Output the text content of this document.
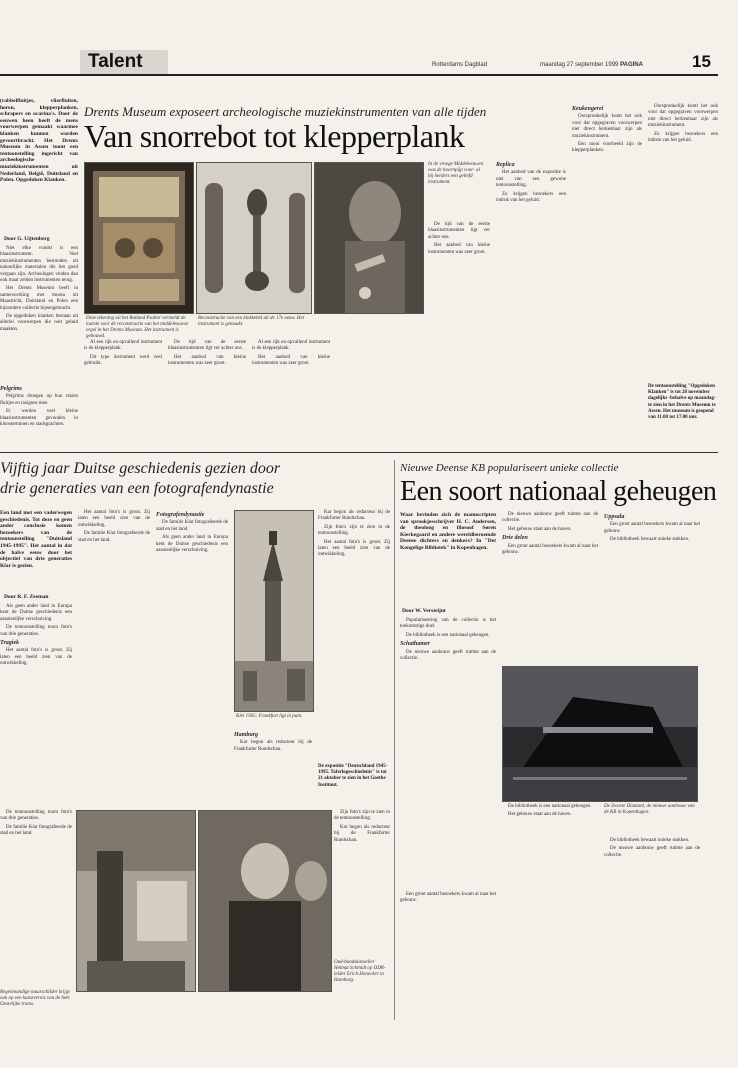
Talent	Rotterdams Dagblad	maandag 27 september 1999 PAGINA	15
(rabbelfluitjes, vlierfluiten, horen, klepperplanken, schrapers en ocarina's. Door de eeuwen heen heeft de mens voorwerpen gemaakt waarmee klanken kunnen worden gevoortbracht. Het Drents Museum in Assen toont een tentoonstelling ingericht van archeologische muziekinstrumenten uit Nederland, België, Duitsland en Polen. Opgedoken Klanken.
Door G. Uijtenberg

Niet elke vondst is een blaasinstrument. Veel muziekinstrumenten bestonden uit natuurlijke materialen die het goed vergaan zijn. Archeologen vinden dan ook maar zelden instrumenten terug.

Het Drents Museum heeft in samenwerking met musea uit Maastricht, Duitsland en Polen een bijzondere collectie bijeengebracht.

De opgedoken klanken bestaan uit allerlei voorwerpen die ooit geluid maakten.

Pelgrims

Pelgrims droegen op hun reizen fluitjes en insignes mee.

Er werden veel kleine blaasinstrumenten gevonden in kloostertuinen en stadsgrachten.

Drents Museum exposeert archeologische muziekinstrumenten van alle tijden
Van snorrebot tot klepperplank
In de vroege Middeleeuwen was de hoornpijp voor- al bij herders een geliefd instrument.
Deze tekening uit het Rutland Psalter vermeldt de laatste voor de reconstructie van het middeleeuwse orgel in het Drents Museum. Het instrument is gebouwd.
Reconstructie van een klokkebel uit de 17e eeuw. Het instrument is gemaakt.

Al een rijk en opvallend instrument is de klepperplank.

Dit type instrument werd veel gebruikt.

De tijd van de eerste blaasinstrumenten ligt ver achter ons.

Het aanbod van kleine instrumenten was zeer groot.

Al een rijk en opvallend instrument is de klepperplank.

Het aanbod van kleine instrumenten was zeer groot.

De tijd van de eerste blaasinstrumenten ligt ver achter ons.

Het aanbod van kleine instrumenten was zeer groot.

Replica

Het aanbod van de expositie is niet van een gewone tentoonstelling.

Zo krijgen bezoekers een indruk van het geluid.

Keukengerei

Oorspronkelijk komt het ook voor dat opgegraven voorwerpen niet direct herkenbaar zijn als muziekinstrument.

Een mooi voorbeeld zijn de klepperplanken.

De tentoonstelling "Opgedoken Klanken" is tot 28 november dagelijks -behalve op maandag- te zien in het Drents Museum te Assen. Het museum is geopend van 11.00 tot 17.00 uur.

Oorspronkelijk komt het ook voor dat opgegraven voorwerpen niet direct herkenbaar zijn als muziekinstrument.

Zo krijgen bezoekers een indruk van het geluid.

Vijftig jaar Duitse geschiedenis gezien door
drie generaties van een fotografendynastie
Een land met een vaderwegen geschiedenis. Tot deze en geen ander conclusie komen bezoekers van de tentoonstelling "Duitsland 1945-1995". Het aantal in dat de halve eeuw door het objectief van drie generaties Klar is gezien.
Door R. F. Zeeman

Als geen ander land in Europa kent de Duitse geschiedenis een aanzienlijke verschuiving.

De tentoonstelling toont foto's van drie generaties.

Tragiek

Het aantal foto's is groot. Zij laten een beeld zien van de ontwikkeling.

Het aantal foto's is groot. Zij laten een beeld zien van de ontwikkeling.

De familie Klar fotografeerde de stad en het land.

Fotografendynastie

De familie Klar fotografeerde de stad en het land.

Als geen ander land in Europa kent de Duitse geschiedenis een aanzienlijke verschuiving.

Klei 1965: Frankfurt ligt in puin.
Hamburg

Kar begon als redacteur bij de Frankfurter Rundschau.

Kar begon als redacteur bij de Frankfurter Rundschau.

Zijn foto's zijn te zien in de tentoonstelling.

Het aantal foto's is groot. Zij laten een beeld zien van de ontwikkeling.

De expositie "Deutschland 1945-1995. Taferlogeschiedenis" is tot 21 oktober te zien in het Goethe Instituut.
Regenmandige muurschilder krijgt ook op een kunstvernis van de hele Oostelijke trams.
Oud-bondskanselier Helmut Schmidt op DDR-leider Erich Honecker in Hamburg.

De tentoonstelling toont foto's van drie generaties.

De familie Klar fotografeerde de stad en het land.

Zijn foto's zijn te zien in de tentoonstelling.

Kar begon als redacteur bij de Frankfurter Rundschau.

Nieuwe Deense KB populariseert unieke collectie
Een soort nationaal geheugen
Waar bevinden zich de manuscripten van sprookjesschrijver H. C. Andersen, de theoloog en filosoof Søren Kierkegaard en andere wereldberoemde Deense dichters en denkers? In "Det Kongelige Bibliotek" in Kopenhagen.
Door W. Versteijnt

Populariseering van de collectie is het toekomstige doel.

De bibliotheek is een nationaal geheugen.

Schathamer

De nieuwe aanbouw geeft ruimte aan de collectie.

De nieuwe aanbouw geeft ruimte aan de collectie.

Het gebouw staat aan de haven.

Drie delen

Een groot aantal bezoekers kwam al naar het gebouw.

Uppsala

Een groot aantal bezoekers kwam al naar het gebouw.

De bibliotheek bewaart unieke stukken.

De Zwarte Diamant, de nieuwe aanbouw van de KB in Kopenhagen.

De bibliotheek is een nationaal geheugen.

Het gebouw staat aan de haven.

De bibliotheek bewaart unieke stukken.

De nieuwe aanbouw geeft ruimte aan de collectie.

Een groot aantal bezoekers kwam al naar het gebouw.
